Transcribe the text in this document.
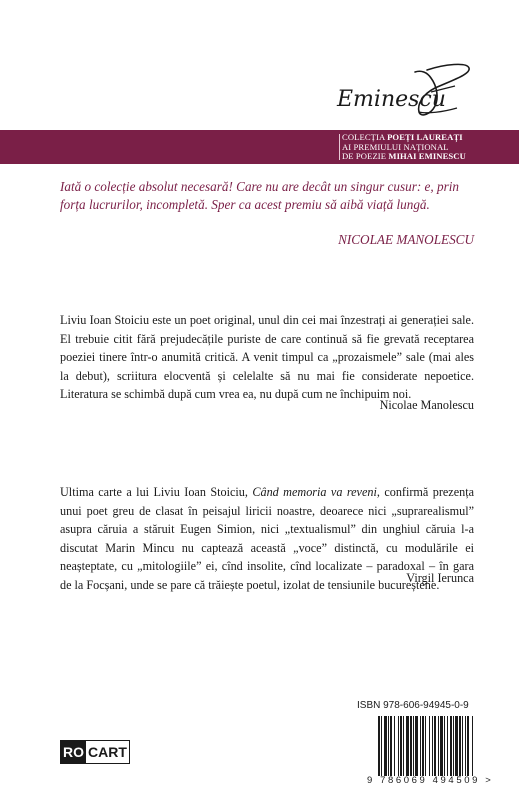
Eminescu
COLECȚIA POEȚI LAUREAȚI
AI PREMIULUI NAȚIONAL
DE POEZIE MIHAI EMINESCU
Iată o colecție absolut necesară! Care nu are decât un singur cusur: e, prin forța lucrurilor, incompletă. Sper ca acest premiu să aibă viață lungă.
NICOLAE MANOLESCU
Liviu Ioan Stoiciu este un poet original, unul din cei mai înzestrați ai generației sale. El trebuie citit fără prejudecățile puriste de care continuă să fie grevată receptarea poeziei tinere într-o anumită critică. A venit timpul ca „prozaismele” sale (mai ales la debut), scriitura elocventă și celelalte să nu mai fie considerate nepoetice. Literatura se schimbă după cum vrea ea, nu după cum ne închipuim noi.
Nicolae Manolescu
Ultima carte a lui Liviu Ioan Stoiciu, Când memoria va reveni, confirmă prezența unui poet greu de clasat în peisajul liricii noastre, deoarece nici „suprarealismul” asupra căruia a stăruit Eugen Simion, nici „textualismul” din unghiul căruia l-a discutat Marin Mincu nu captează această „voce” distinctă, cu modulările ei neașteptate, cu „mitologiile” ei, cînd insolite, cînd localizate – paradoxal – în gara de la Focșani, unde se pare că trăiește poetul, izolat de tensiunile bucureștene.
Virgil Ierunca
ISBN 978-606-94945-0-9
9 786069 494509 >
RO CART
